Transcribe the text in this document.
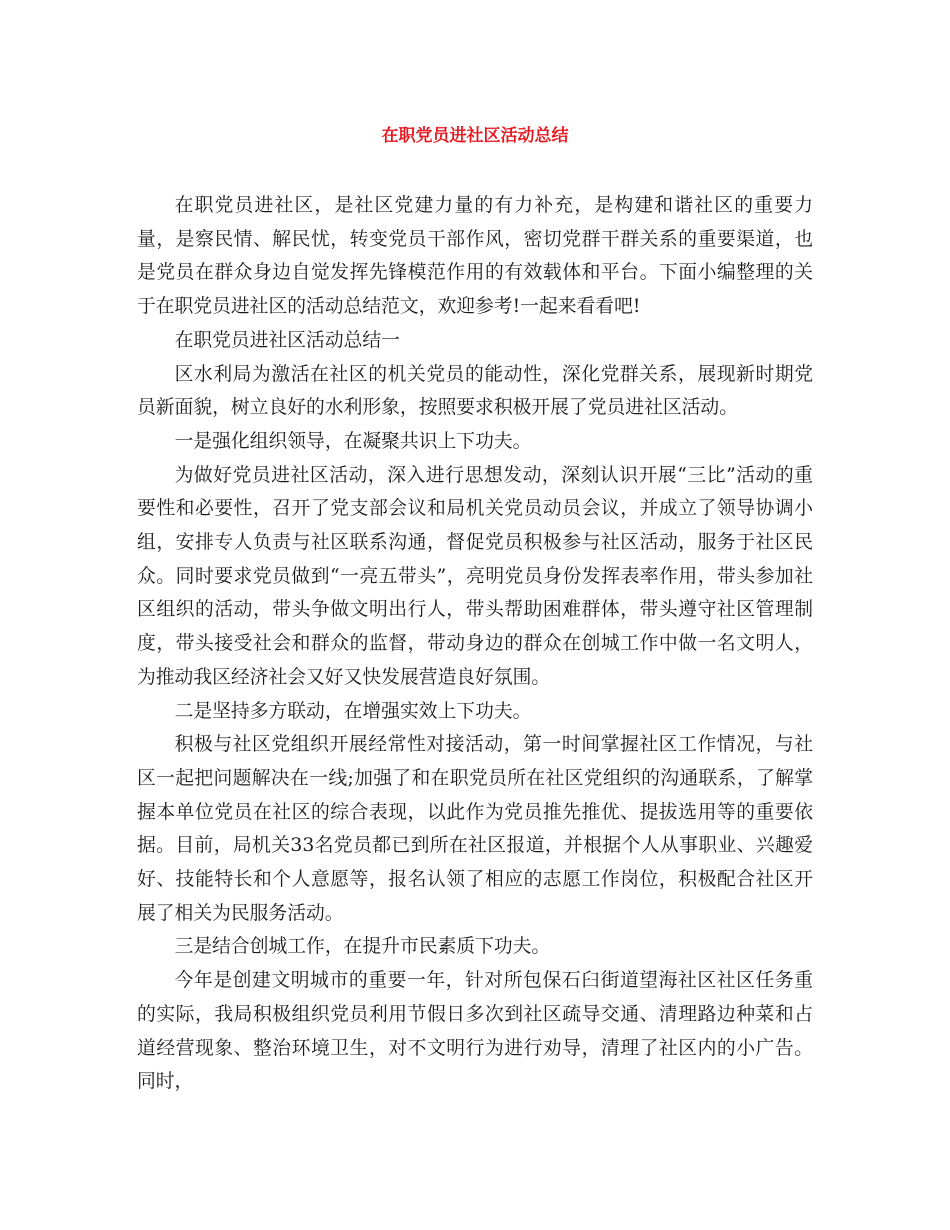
在职党员进社区活动总结

在职党员进社区，是社区党建力量的有力补充，是构建和谐社区的重要力量，是察民情、解民忧，转变党员干部作风，密切党群干群关系的重要渠道，也是党员在群众身边自觉发挥先锋模范作用的有效载体和平台。下面小编整理的关于在职党员进社区的活动总结范文，欢迎参考!一起来看看吧!

在职党员进社区活动总结一

区水利局为激活在社区的机关党员的能动性，深化党群关系，展现新时期党员新面貌，树立良好的水利形象，按照要求积极开展了党员进社区活动。

一是强化组织领导，在凝聚共识上下功夫。

为做好党员进社区活动，深入进行思想发动，深刻认识开展“三比”活动的重要性和必要性，召开了党支部会议和局机关党员动员会议，并成立了领导协调小组，安排专人负责与社区联系沟通，督促党员积极参与社区活动，服务于社区民众。同时要求党员做到“一亮五带头”，亮明党员身份发挥表率作用，带头参加社区组织的活动，带头争做文明出行人，带头帮助困难群体，带头遵守社区管理制度，带头接受社会和群众的监督，带动身边的群众在创城工作中做一名文明人，为推动我区经济社会又好又快发展营造良好氛围。

二是坚持多方联动，在增强实效上下功夫。

积极与社区党组织开展经常性对接活动，第一时间掌握社区工作情况，与社区一起把问题解决在一线;加强了和在职党员所在社区党组织的沟通联系，了解掌握本单位党员在社区的综合表现，以此作为党员推先推优、提拔选用等的重要依据。目前，局机关33名党员都已到所在社区报道，并根据个人从事职业、兴趣爱好、技能特长和个人意愿等，报名认领了相应的志愿工作岗位，积极配合社区开展了相关为民服务活动。

三是结合创城工作，在提升市民素质下功夫。

今年是创建文明城市的重要一年，针对所包保石臼街道望海社区社区任务重的实际，我局积极组织党员利用节假日多次到社区疏导交通、清理路边种菜和占道经营现象、整治环境卫生，对不文明行为进行劝导，清理了社区内的小广告。同时，
